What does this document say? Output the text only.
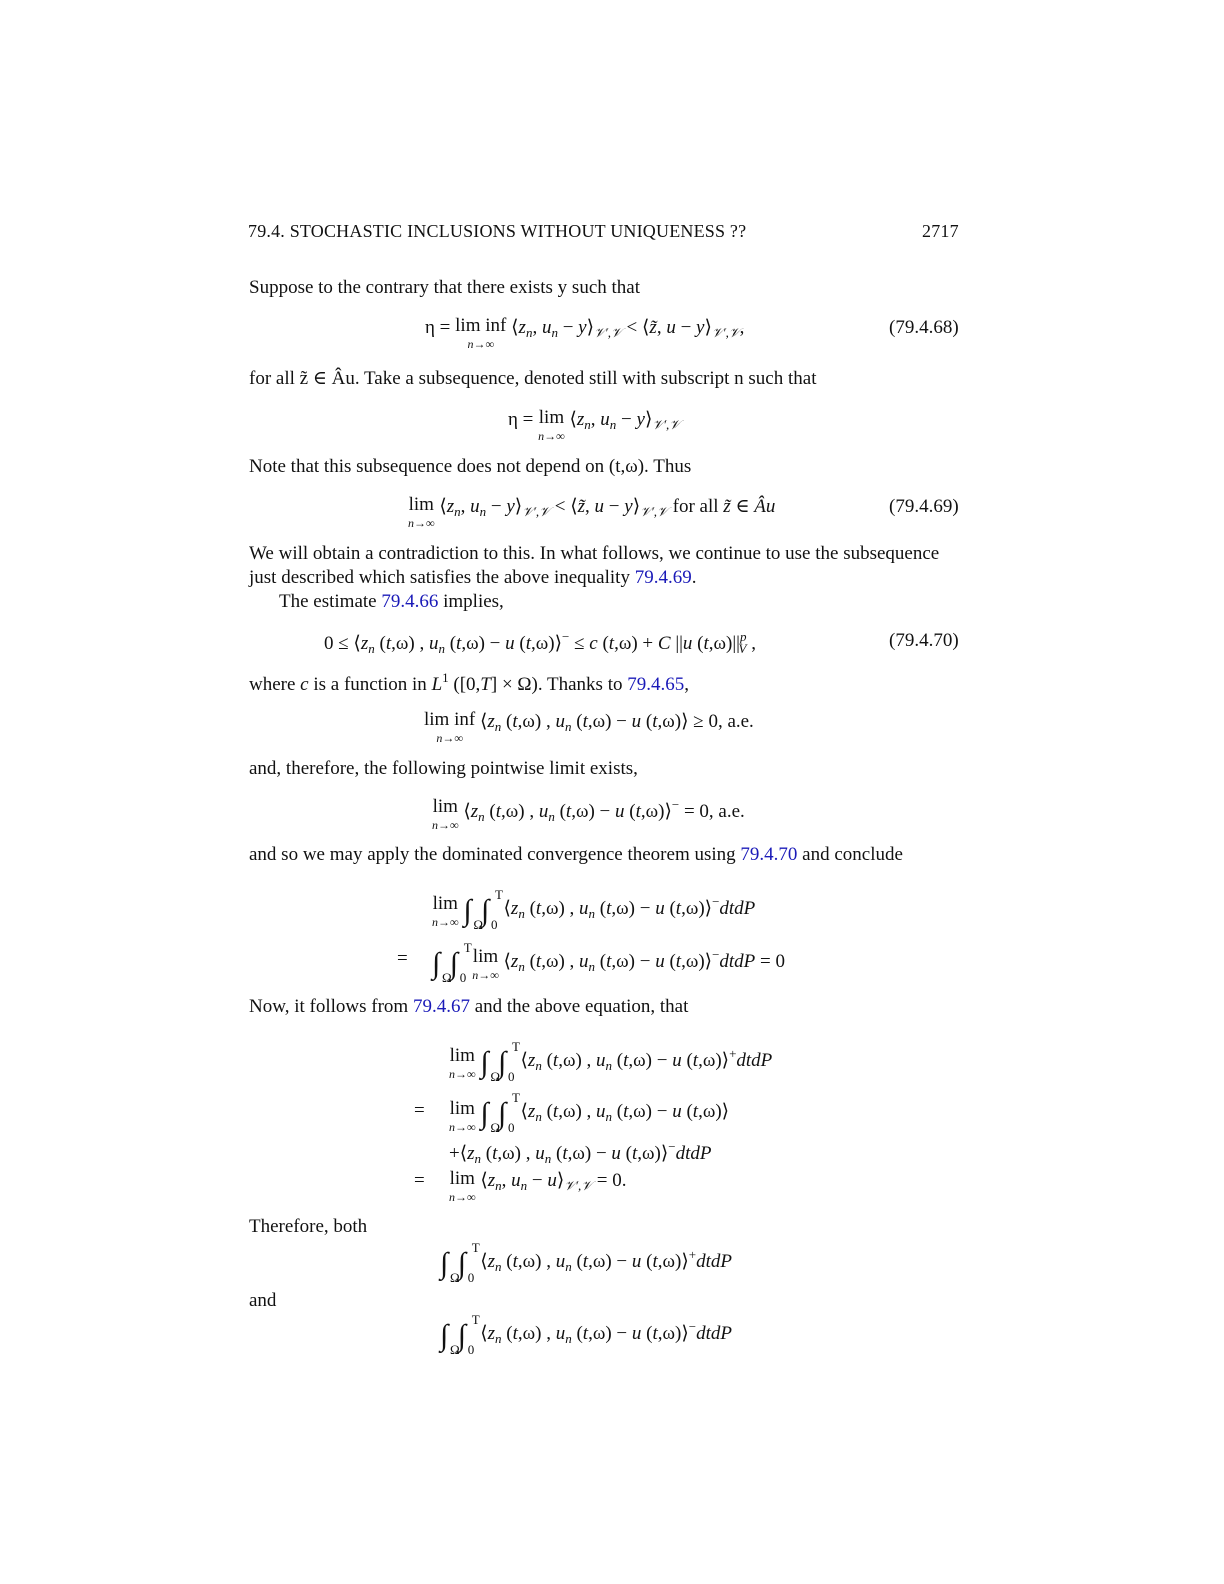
79.4. STOCHASTIC INCLUSIONS WITHOUT UNIQUENESS ??	2717
Suppose to the contrary that there exists y such that
η = lim inf
n→∞
$⟨z_n$, $u_n$ − $y⟩_{𝒱',𝒱}$ < ⟨z̃, $u - y⟩_{𝒱',𝒱}$,	(79.4.68)
for all z̃ ∈ Âu. Take a subsequence, denoted still with subscript n such that
η = lim
n→∞
$⟨z_n$, $u_n$ − $y⟩_{𝒱',𝒱}$
Note that this subsequence does not depend on (t,ω). Thus
lim
n→∞
$⟨z_n$, $u_n$ − $y⟩_{𝒱',𝒱}$ < ⟨z̃, $u - y⟩_{𝒱',𝒱}$ for all z̃ ∈ Âu	(79.4.69)
We will obtain a contradiction to this. In what follows, we continue to use the subsequence
just described which satisfies the above inequality 79.4.69.
The estimate 79.4.66 implies,
$0 \le ⟨z_n$ (t,ω) , $u_n$ (t,ω) − u (t,ω)⟩− ≤ c (t,ω) + C ||u $(t,\omega)||^p_V$ ,	(79.4.70)
where c is a function in $L^1$ ([0,T] × Ω). Thanks to 79.4.65,
lim inf
n→∞
$⟨z_n$ (t,ω) , $u_n$ (t,ω) − u (t,ω)⟩ ≥ 0, a.e.
and, therefore, the following pointwise limit exists,
lim
n→∞
$⟨z_n$ (t,ω) , $u_n$ (t,ω) − u (t,ω)⟩− = 0, a.e.
and so we may apply the dominated convergence theorem using 79.4.70 and conclude
lim
n→∞ ∫ Ω
∫ 0
T
$⟨z_n$ (t,ω) , $u_n$ (t,ω) − u (t,ω)⟩−dtdP
= ∫ Ω
∫ 0
T
lim
n→∞
$⟨z_n$ (t,ω) , $u_n$ (t,ω) − u (t,ω)⟩−dtdP = 0
Now, it follows from 79.4.67 and the above equation, that
lim
n→∞ ∫ Ω
∫ 0
T
$⟨z_n$ (t,ω) , $u_n$ (t,ω) − u (t,ω)⟩+dtdP
= lim
n→∞ ∫ Ω
∫ 0
T
$⟨z_n$ (t,ω) , $u_n$ (t,ω) − u (t,ω)⟩
$+⟨z_n$ (t,ω) , $u_n$ (t,ω) − u (t,ω)⟩−dtdP
= lim
n→∞
$⟨z_n$, $u_n$ − $u⟩_{𝒱',𝒱} = 0$.
Therefore, both
∫ Ω
∫ 0
T
$⟨z_n$ (t,ω) , $u_n$ (t,ω) − u (t,ω)⟩+dtdP
and
∫ Ω
∫ 0
T
$⟨z_n$ (t,ω) , $u_n$ (t,ω) − u (t,ω)⟩−dtdP
